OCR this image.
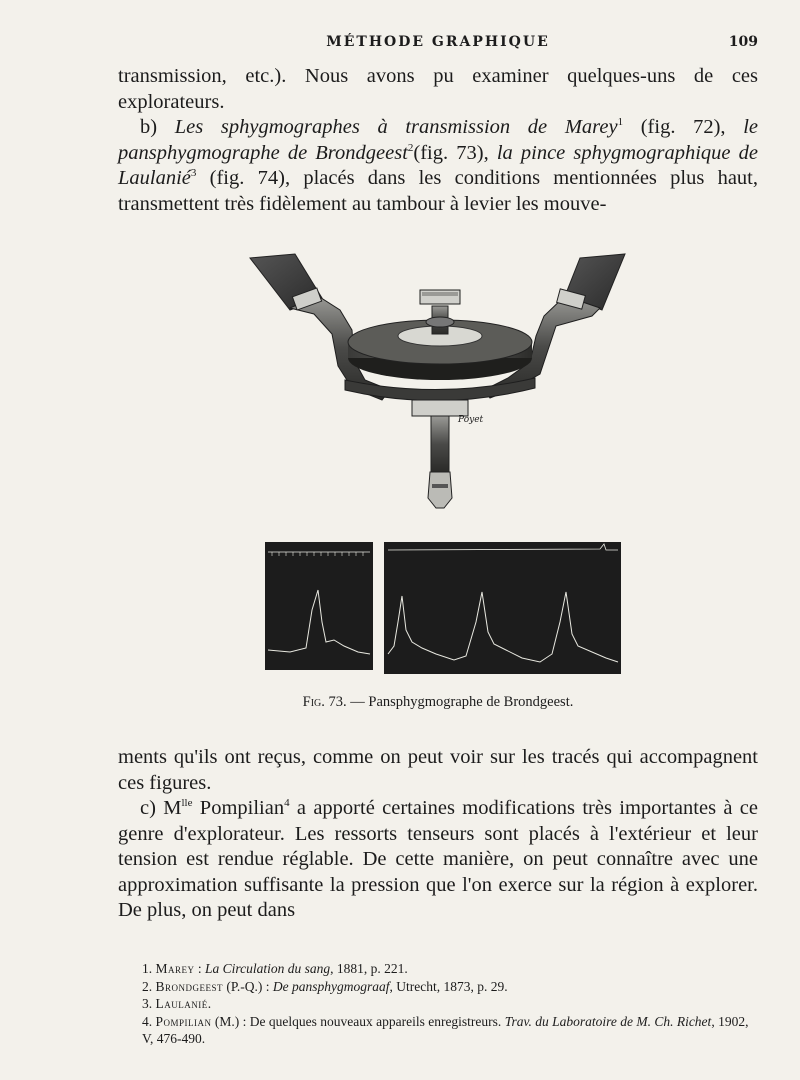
MÉTHODE GRAPHIQUE	109

transmission, etc.). Nous avons pu examiner quelques-uns de ces explorateurs.

b) Les sphygmographes à transmission de Marey$^1$ (fig. 72), le pansphygmographe de Brondgeest$^2$(fig. 73), la pince sphygmographique de Laulanié$^3$ (fig. 74), placés dans les conditions mentionnées plus haut, transmettent très fidèlement au tambour à levier les mouve-

Poyet
Fig. 73. — Pansphygmographe de Brondgeest.

ments qu'ils ont reçus, comme on peut voir sur les tracés qui accompagnent ces figures.

c) $M^{lle}$ Pompilian$^4$ a apporté certaines modifications très importantes à ce genre d'explorateur. Les ressorts tenseurs sont placés à l'extérieur et leur tension est rendue réglable. De cette manière, on peut connaître avec une approximation suffisante la pression que l'on exerce sur la région à explorer. De plus, on peut dans

1. Marey : La Circulation du sang, 1881, p. 221.
2. Brondgeest (P.-Q.) : De pansphygmograaf, Utrecht, 1873, p. 29.
3. Laulanié.
4. Pompilian (M.) : De quelques nouveaux appareils enregistreurs. Trav. du Laboratoire de M. Ch. Richet, 1902, V, 476-490.
